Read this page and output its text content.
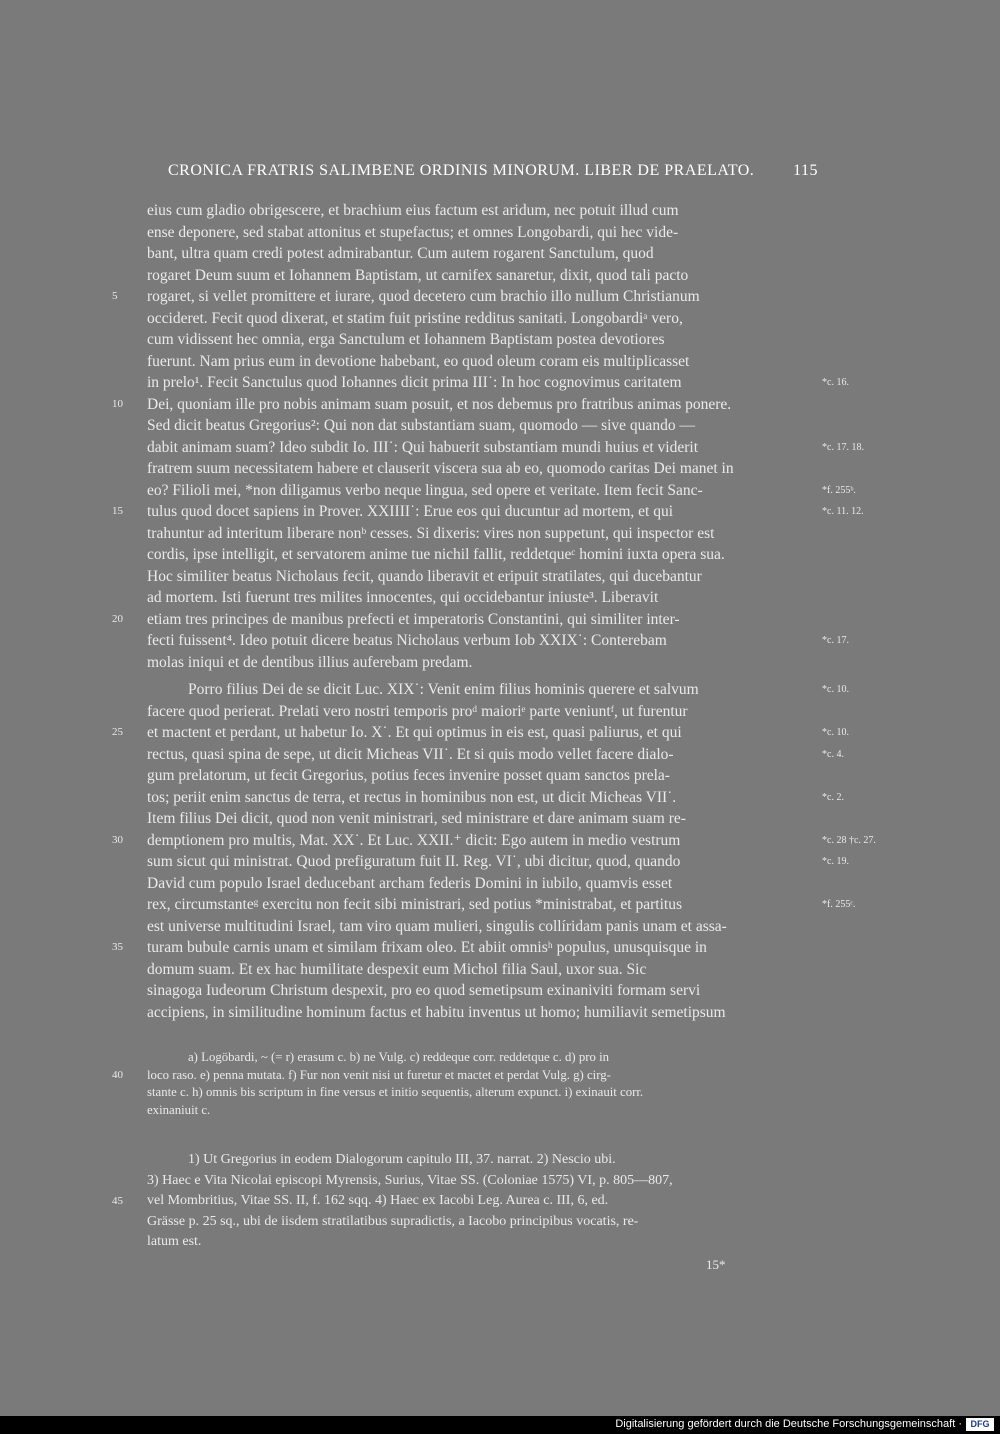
CRONICA FRATRIS SALIMBENE ORDINIS MINORUM. LIBER DE PRAELATO. 115
eius cum gladio obrigescere, et brachium eius factum est aridum, nec potuit illud cum
ense deponere, sed stabat attonitus et stupefactus; et omnes Longobardi, qui hec vide-
bant, ultra quam credi potest admirabantur. Cum autem rogarent Sanctulum, quod
rogaret Deum suum et Iohannem Baptistam, ut carnifex sanaretur, dixit, quod tali pacto
5	rogaret, si vellet promittere et iurare, quod decetero cum brachio illo nullum Christianum
occideret. Fecit quod dixerat, et statim fuit pristine redditus sanitati. Longobardiᵃ vero,
cum vidissent hec omnia, erga Sanctulum et Iohannem Baptistam postea devotiores
fuerunt. Nam prius eum in devotione habebant, eo quod oleum coram eis multiplicasset
in prelo¹. Fecit Sanctulus quod Iohannes dicit prima III˙: In hoc cognovimus caritatem	*c. 16.
10	Dei, quoniam ille pro nobis animam suam posuit, et nos debemus pro fratribus animas ponere.
Sed dicit beatus Gregorius²: Qui non dat substantiam suam, quomodo — sive quando —
dabit animam suam? Ideo subdit Io. III˙: Qui habuerit substantiam mundi huius et viderit	*c. 17. 18.
fratrem suum necessitatem habere et clauserit viscera sua ab eo, quomodo caritas Dei manet in
eo? Filioli mei, *non diligamus verbo neque lingua, sed opere et veritate. Item fecit Sanc-	*f. 255ᵇ.
15	tulus quod docet sapiens in Prover. XXIIII˙: Erue eos qui ducuntur ad mortem, et qui	*c. 11. 12.
trahuntur ad interitum liberare nonᵇ cesses. Si dixeris: vires non suppetunt, qui inspector est
cordis, ipse intelligit, et servatorem anime tue nichil fallit, reddetqueᶜ homini iuxta opera sua.
Hoc similiter beatus Nicholaus fecit, quando liberavit et eripuit stratilates, qui ducebantur
ad mortem. Isti fuerunt tres milites innocentes, qui occidebantur iniuste³. Liberavit
20	etiam tres principes de manibus prefecti et imperatoris Constantini, qui similiter inter-
fecti fuissent⁴. Ideo potuit dicere beatus Nicholaus verbum Iob XXIX˙: Conterebam	*c. 17.
molas iniqui et de dentibus illius auferebam predam.
Porro filius Dei de se dicit Luc. XIX˙: Venit enim filius hominis querere et salvum	*c. 10.
facere quod perierat. Prelati vero nostri temporis proᵈ maioriᵉ parte veniuntᶠ, ut furentur
25	et mactent et perdant, ut habetur Io. X˙. Et qui optimus in eis est, quasi paliurus, et qui	*c. 10.
rectus, quasi spina de sepe, ut dicit Micheas VII˙. Et si quis modo vellet facere dialo-	*c. 4.
gum prelatorum, ut fecit Gregorius, potius feces invenire posset quam sanctos prela-
tos; periit enim sanctus de terra, et rectus in hominibus non est, ut dicit Micheas VII˙.	*c. 2.
Item filius Dei dicit, quod non venit ministrari, sed ministrare et dare animam suam re-
30	demptionem pro multis, Mat. XX˙. Et Luc. XXII.⁺ dicit: Ego autem in medio vestrum	*c. 28 †c. 27.
sum sicut qui ministrat. Quod prefiguratum fuit II. Reg. VI˙, ubi dicitur, quod, quando	*c. 19.
David cum populo Israel deducebant archam federis Domini in iubilo, quamvis esset
rex, circumstanteᵍ exercitu non fecit sibi ministrari, sed potius *ministrabat, et partitus	*f. 255ᶜ.
est universe multitudini Israel, tam viro quam mulieri, singulis collíridam panis unam et assa-
35	turam bubule carnis unam et similam frixam oleo. Et abiit omnisʰ populus, unusquisque in
domum suam. Et ex hac humilitate despexit eum Michol filia Saul, uxor sua. Sic
sinagoga Iudeorum Christum despexit, pro eo quod semetipsum exinaniviti formam servi
accipiens, in similitudine hominum factus et habitu inventus ut homo; humiliavit semetipsum
a) Logöbardi, ~ (= r) erasum c. b) ne Vulg. c) reddeque corr. reddetque c. d) pro in
40	loco raso. e) penna mutata. f) Fur non venit nisi ut furetur et mactet et perdat Vulg. g) cirg-
stante c. h) omnis bis scriptum in fine versus et initio sequentis, alterum expunct. i) exinauit corr.
exinaniuit c.
1) Ut Gregorius in eodem Dialogorum capitulo III, 37. narrat. 2) Nescio ubi.
3) Haec e Vita Nicolai episcopi Myrensis, Surius, Vitae SS. (Coloniae 1575) VI, p. 805—807,
45	vel Mombritius, Vitae SS. II, f. 162 sqq. 4) Haec ex Iacobi Leg. Aurea c. III, 6, ed.
Grässe p. 25 sq., ubi de iisdem stratilatibus supradictis, a Iacobo principibus vocatis, re-
latum est.
15*
Digitalisierung gefördert durch die Deutsche Forschungsgemeinschaft · DFG
